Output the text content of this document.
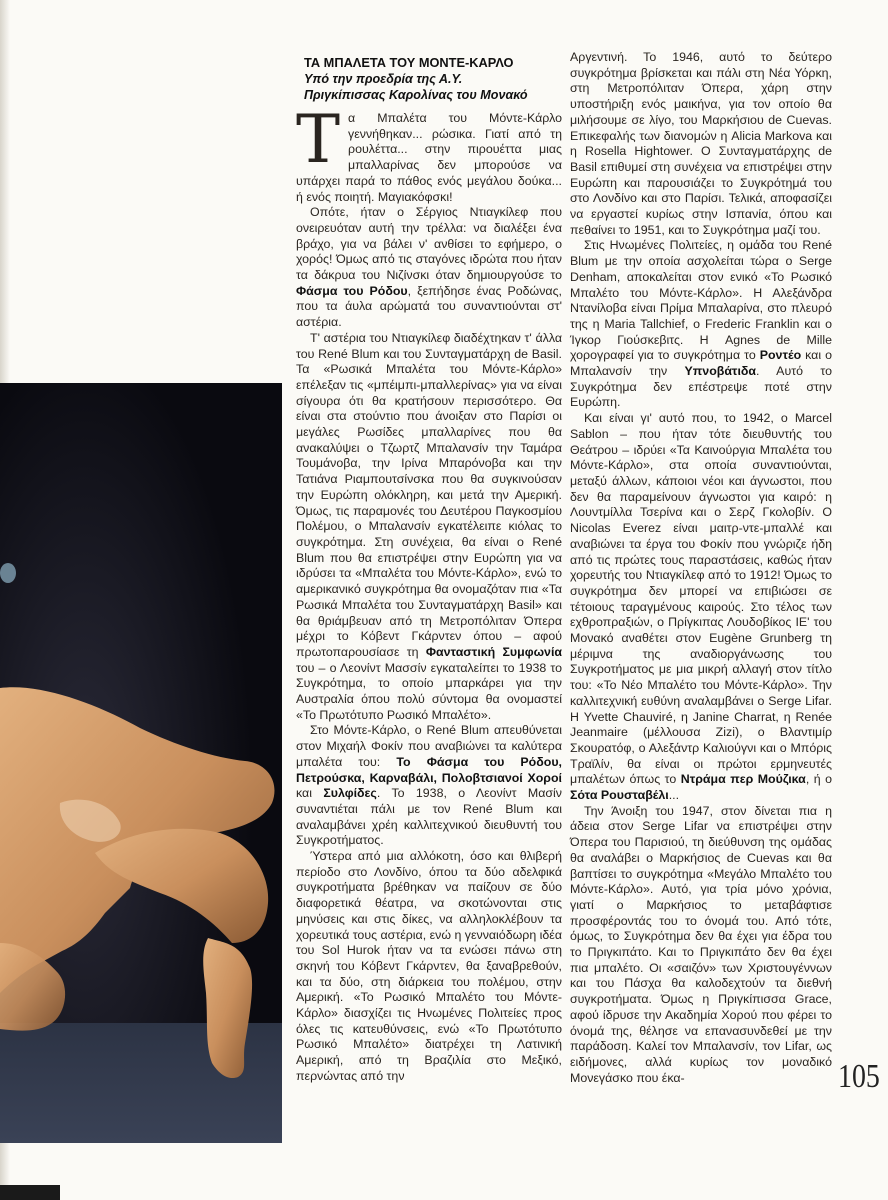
ΤΑ ΜΠΑΛΕΤΑ ΤΟΥ ΜΟΝΤΕ-ΚΑΡΛΟ
Υπό την προεδρία της Α.Υ.
Πριγκίπισσας Καρολίνας του Μονακό

Τα Μπαλέτα του Μόντε-Κάρλο γεννήθηκαν... ρώσικα. Γιατί από τη ρουλέττα... στην πιρουέττα μιας μπαλλαρίνας δεν μπορούσε να υπάρχει παρά το πάθος ενός μεγάλου δούκα... ή ενός ποιητή. Μαγιακόφσκι!

Οπότε, ήταν ο Σέργιος Ντιαγκίλεφ που ονειρευόταν αυτή την τρέλλα: να διαλέξει ένα βράχο, για να βάλει ν' ανθίσει το εφήμερο, ο χορός! Όμως από τις σταγόνες ιδρώτα που ήταν τα δάκρυα του Νιζίνσκι όταν δημιουργούσε το Φάσμα του Ρόδου, ξεπήδησε ένας Ροδώνας, που τα άυλα αρώματά του συναντιούνται στ' αστέρια.

Τ' αστέρια του Ντιαγκίλεφ διαδέχτηκαν τ' άλλα του René Blum και του Συνταγματάρχη de Basil. Τα «Ρωσικά Μπαλέτα του Μόντε-Κάρλο» επέλεξαν τις «μπέιμπι-μπαλλερίνας» για να είναι σίγουρα ότι θα κρατήσουν περισσότερο. Θα είναι στα στούντιο που άνοιξαν στο Παρίσι οι μεγάλες Ρωσίδες μπαλλαρίνες που θα ανακαλύψει ο Τζωρτζ Μπαλανσίν την Ταμάρα Τουμάνοβα, την Ιρίνα Μπαρόνοβα και την Τατιάνα Ριαμπουτσίνσκα που θα συγκινούσαν την Ευρώπη ολόκληρη, και μετά την Αμερική. Όμως, τις παραμονές του Δευτέρου Παγκοσμίου Πολέμου, ο Μπαλανσίν εγκατέλειπε κιόλας το συγκρότημα. Στη συνέχεια, θα είναι ο René Blum που θα επιστρέψει στην Ευρώπη για να ιδρύσει τα «Μπαλέτα του Μόντε-Κάρλο», ενώ το αμερικανικό συγκρότημα θα ονομαζόταν πια «Τα Ρωσικά Μπαλέτα του Συνταγματάρχη Basil» και θα θριάμβευαν από τη Μετροπόλιταν Όπερα μέχρι το Κόβεντ Γκάρντεν όπου – αφού πρωτοπαρουσίασε τη Φανταστική Συμφωνία του – ο Λεονίντ Μασσίν εγκαταλείπει το 1938 το Συγκρότημα, το οποίο μπαρκάρει για την Αυστραλία όπου πολύ σύντομα θα ονομαστεί «Το Πρωτότυπο Ρωσικό Μπαλέτο».

Στο Μόντε-Κάρλο, ο René Blum απευθύνεται στον Μιχαήλ Φοκίν που αναβιώνει τα καλύτερα μπαλέτα του: Το Φάσμα του Ρόδου, Πετρούσκα, Καρναβάλι, Πολοβτσιανοί Χοροί και Συλφίδες. Το 1938, ο Λεονίντ Μασίν συναντιέται πάλι με τον René Blum και αναλαμβάνει χρέη καλλιτεχνικού διευθυντή του Συγκροτήματος.

Ύστερα από μια αλλόκοτη, όσο και θλιβερή περίοδο στο Λονδίνο, όπου τα δύο αδελφικά συγκροτήματα βρέθηκαν να παίζουν σε δύο διαφορετικά θέατρα, να σκοτώνονται στις μηνύσεις και στις δίκες, να αλληλοκλέβουν τα χορευτικά τους αστέρια, ενώ η γενναιόδωρη ιδέα του Sol Hurok ήταν να τα ενώσει πάνω στη σκηνή του Κόβεντ Γκάρντεν, θα ξαναβρεθούν, και τα δύο, στη διάρκεια του πολέμου, στην Αμερική. «Το Ρωσικό Μπαλέτο του Μόντε-Κάρλο» διασχίζει τις Ηνωμένες Πολιτείες προς όλες τις κατευθύνσεις, ενώ «Το Πρωτότυπο Ρωσικό Μπαλέτο» διατρέχει τη Λατινική Αμερική, από τη Βραζιλία στο Μεξικό, περνώντας από την

Αργεντινή. Το 1946, αυτό το δεύτερο συγκρότημα βρίσκεται και πάλι στη Νέα Υόρκη, στη Μετροπόλιταν Όπερα, χάρη στην υποστήριξη ενός μαικήνα, για τον οποίο θα μιλήσουμε σε λίγο, του Μαρκήσιου de Cuevas. Επικεφαλής των διανομών η Alicia Markova και η Rosella Hightower. Ο Συνταγματάρχης de Basil επιθυμεί στη συνέχεια να επιστρέψει στην Ευρώπη και παρουσιάζει το Συγκρότημά του στο Λονδίνο και στο Παρίσι. Τελικά, αποφασίζει να εργαστεί κυρίως στην Ισπανία, όπου και πεθαίνει το 1951, και το Συγκρότημα μαζί του.

Στις Ηνωμένες Πολιτείες, η ομάδα του René Blum με την οποία ασχολείται τώρα ο Serge Denham, αποκαλείται στον ενικό «Το Ρωσικό Μπαλέτο του Μόντε-Κάρλο». Η Αλεξάνδρα Ντανίλοβα είναι Πρίμα Μπαλαρίνα, στο πλευρό της η Maria Tallchief, ο Frederic Franklin και ο Ίγκορ Γιούσκεβιτς. Η Agnes de Mille χορογραφεί για το συγκρότημα το Ροντέο και ο Μπαλανσίν την Υπνοβάτιδα. Αυτό το Συγκρότημα δεν επέστρεψε ποτέ στην Ευρώπη.

Και είναι γι' αυτό που, το 1942, ο Marcel Sablon – που ήταν τότε διευθυντής του Θεάτρου – ιδρύει «Τα Καινούργια Μπαλέτα του Μόντε-Κάρλο», στα οποία συναντιούνται, μεταξύ άλλων, κάποιοι νέοι και άγνωστοι, που δεν θα παραμείνουν άγνωστοι για καιρό: η Λουντμίλλα Τσερίνα και ο Σερζ Γκολοβίν. Ο Nicolas Everez είναι μαιτρ-ντε-μπαλλέ και αναβιώνει τα έργα του Φοκίν που γνώριζε ήδη από τις πρώτες τους παραστάσεις, καθώς ήταν χορευτής του Ντιαγκίλεφ από το 1912! Όμως το συγκρότημα δεν μπορεί να επιβιώσει σε τέτοιους ταραγμένους καιρούς. Στο τέλος των εχθροπραξιών, ο Πρίγκιπας Λουδοβίκος ΙΕ' του Μονακό αναθέτει στον Eugène Grunberg τη μέριμνα της αναδιοργάνωσης του Συγκροτήματος με μια μικρή αλλαγή στον τίτλο του: «Το Νέο Μπαλέτο του Μόντε-Κάρλο». Την καλλιτεχνική ευθύνη αναλαμβάνει ο Serge Lifar. Η Yvette Chauviré, η Janine Charrat, η Renée Jeanmaire (μέλλουσα Zizi), ο Βλαντιμίρ Σκουρατόφ, ο Αλεξάντρ Καλιούγνι και ο Μπόρις Τραϊλίν, θα είναι οι πρώτοι ερμηνευτές μπαλέτων όπως το Ντράμα περ Μούζικα, ή ο Σότα Ρουσταβέλι...

Την Άνοιξη του 1947, στον δίνεται πια η άδεια στον Serge Lifar να επιστρέψει στην Όπερα του Παρισιού, τη διεύθυνση της ομάδας θα αναλάβει ο Μαρκήσιος de Cuevas και θα βαπτίσει το συγκρότημα «Μεγάλο Μπαλέτο του Μόντε-Κάρλο». Αυτό, για τρία μόνο χρόνια, γιατί ο Μαρκήσιος το μεταβάφτισε προσφέροντάς του το όνομά του. Από τότε, όμως, το Συγκρότημα δεν θα έχει για έδρα του το Πριγκιπάτο. Και το Πριγκιπάτο δεν θα έχει πια μπαλέτο. Οι «σαιζόν» των Χριστουγέννων και του Πάσχα θα καλοδεχτούν τα διεθνή συγκροτήματα. Όμως η Πριγκίπισσα Grace, αφού ίδρυσε την Ακαδημία Χορού που φέρει το όνομά της, θέλησε να επανασυνδεθεί με την παράδοση. Καλεί τον Μπαλανσίν, τον Lifar, ως ειδήμονες, αλλά κυρίως τον μοναδικό Μονεγάσκο που έκα-	105
